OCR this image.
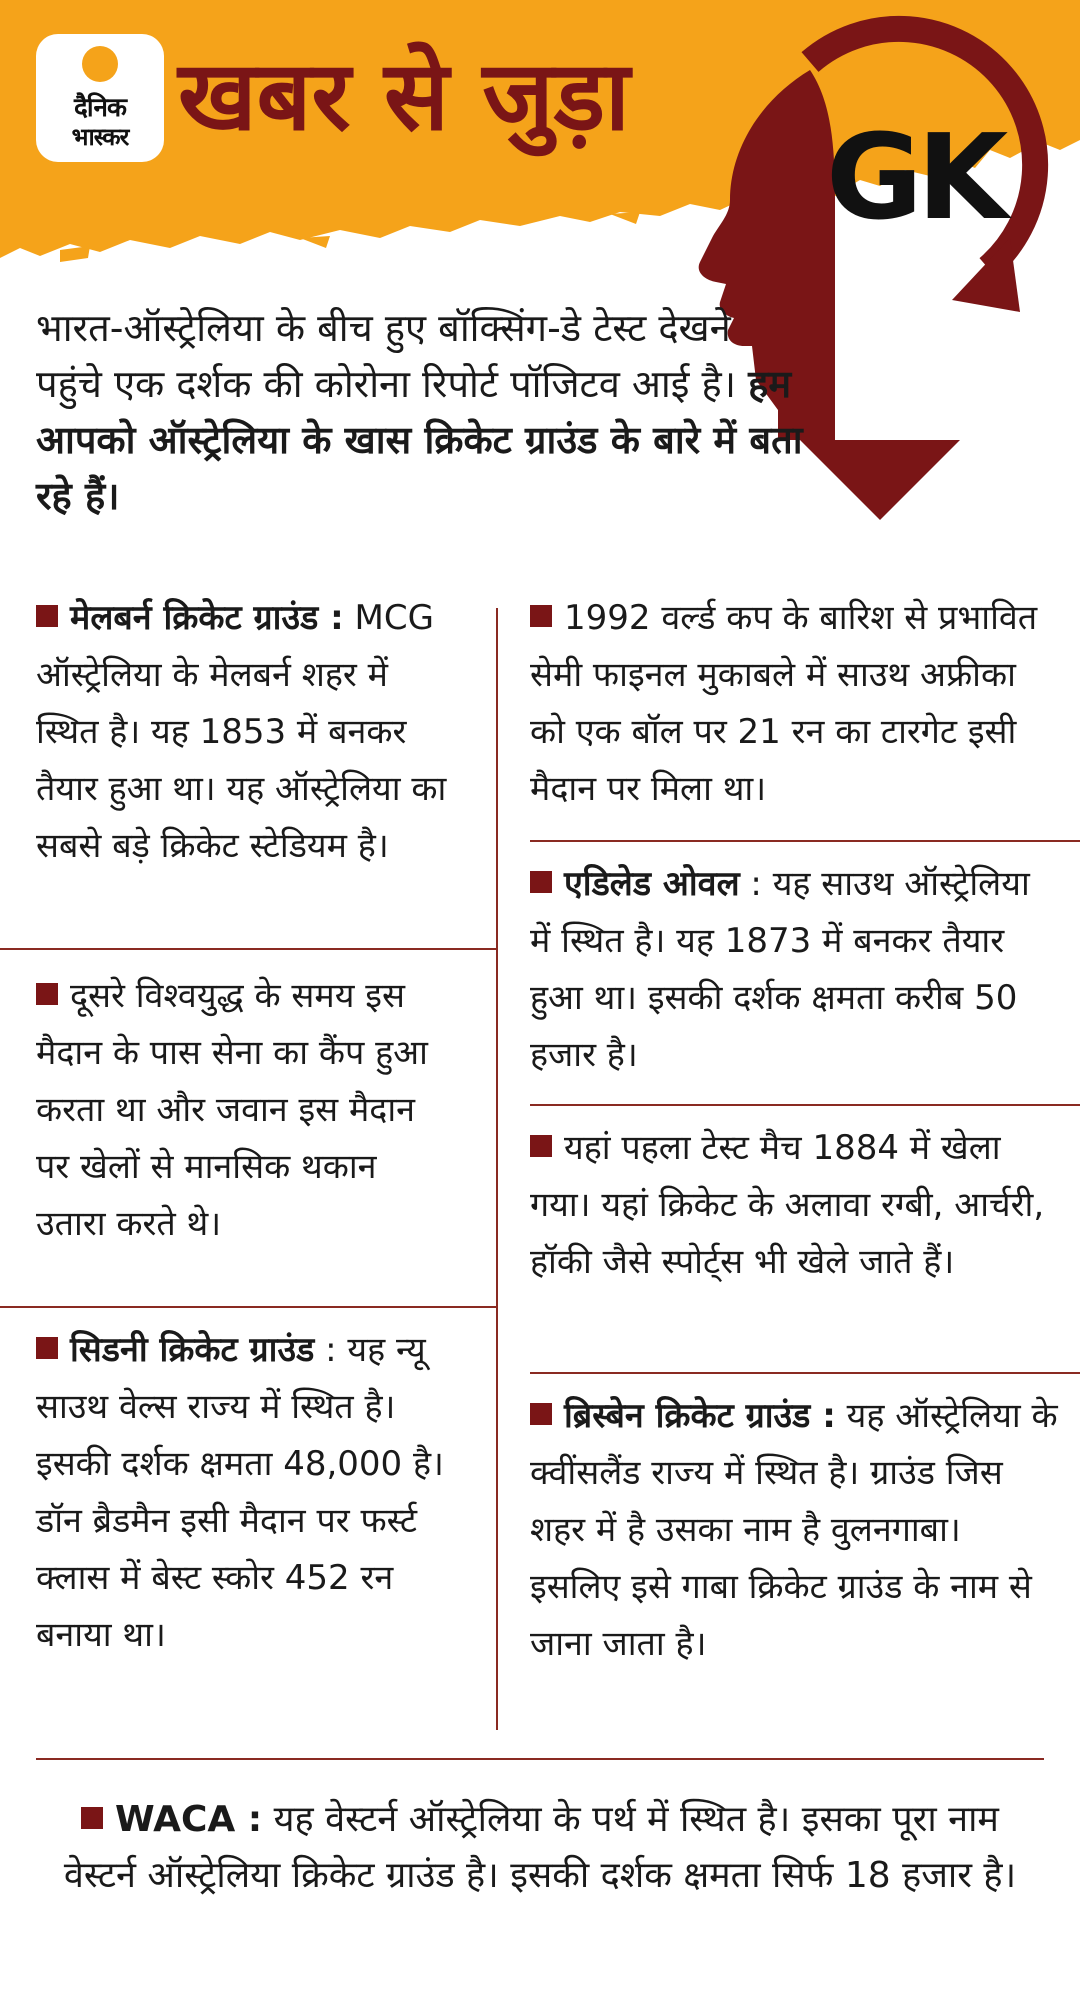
दैनिक
भास्कर खबर से जुड़ा
GK
भारत-ऑस्ट्रेलिया के बीच हुए बॉक्सिंग-डे टेस्ट देखने पहुंचे एक दर्शक की कोरोना रिपोर्ट पॉजिटव आई है। हम आपको ऑस्ट्रेलिया के खास क्रिकेट ग्राउंड के बारे में बता रहे हैं।
मेलबर्न क्रिकेट ग्राउंड : MCG ऑस्ट्रेलिया के मेलबर्न शहर में स्थित है। यह 1853 में बनकर तैयार हुआ था। यह ऑस्ट्रेलिया का सबसे बड़े क्रिकेट स्टेडियम है।
दूसरे विश्वयुद्ध के समय इस मैदान के पास सेना का कैंप हुआ करता था और जवान इस मैदान पर खेलों से मानसिक थकान उतारा करते थे।
सिडनी क्रिकेट ग्राउंड : यह न्यू साउथ वेल्स राज्य में स्थित है। इसकी दर्शक क्षमता 48,000 है। डॉन ब्रैडमैन इसी मैदान पर फर्स्ट क्लास में बेस्ट स्कोर 452 रन बनाया था।
1992 वर्ल्ड कप के बारिश से प्रभावित सेमी फाइनल मुकाबले में साउथ अफ्रीका को एक बॉल पर 21 रन का टारगेट इसी मैदान पर मिला था।
एडिलेड ओवल : यह साउथ ऑस्ट्रेलिया में स्थित है। यह 1873 में बनकर तैयार हुआ था। इसकी दर्शक क्षमता करीब 50 हजार है।
यहां पहला टेस्ट मैच 1884 में खेला गया। यहां क्रिकेट के अलावा रग्बी, आर्चरी, हॉकी जैसे स्पोर्ट्स भी खेले जाते हैं।
ब्रिस्बेन क्रिकेट ग्राउंड : यह ऑस्ट्रेलिया के क्वींसलैंड राज्य में स्थित है। ग्राउंड जिस शहर में है उसका नाम है वुलनगाबा। इसलिए इसे गाबा क्रिकेट ग्राउंड के नाम से जाना जाता है।
WACA : यह वेस्टर्न ऑस्ट्रेलिया के पर्थ में स्थित है। इसका पूरा नाम वेस्टर्न ऑस्ट्रेलिया क्रिकेट ग्राउंड है। इसकी दर्शक क्षमता सिर्फ 18 हजार है।
